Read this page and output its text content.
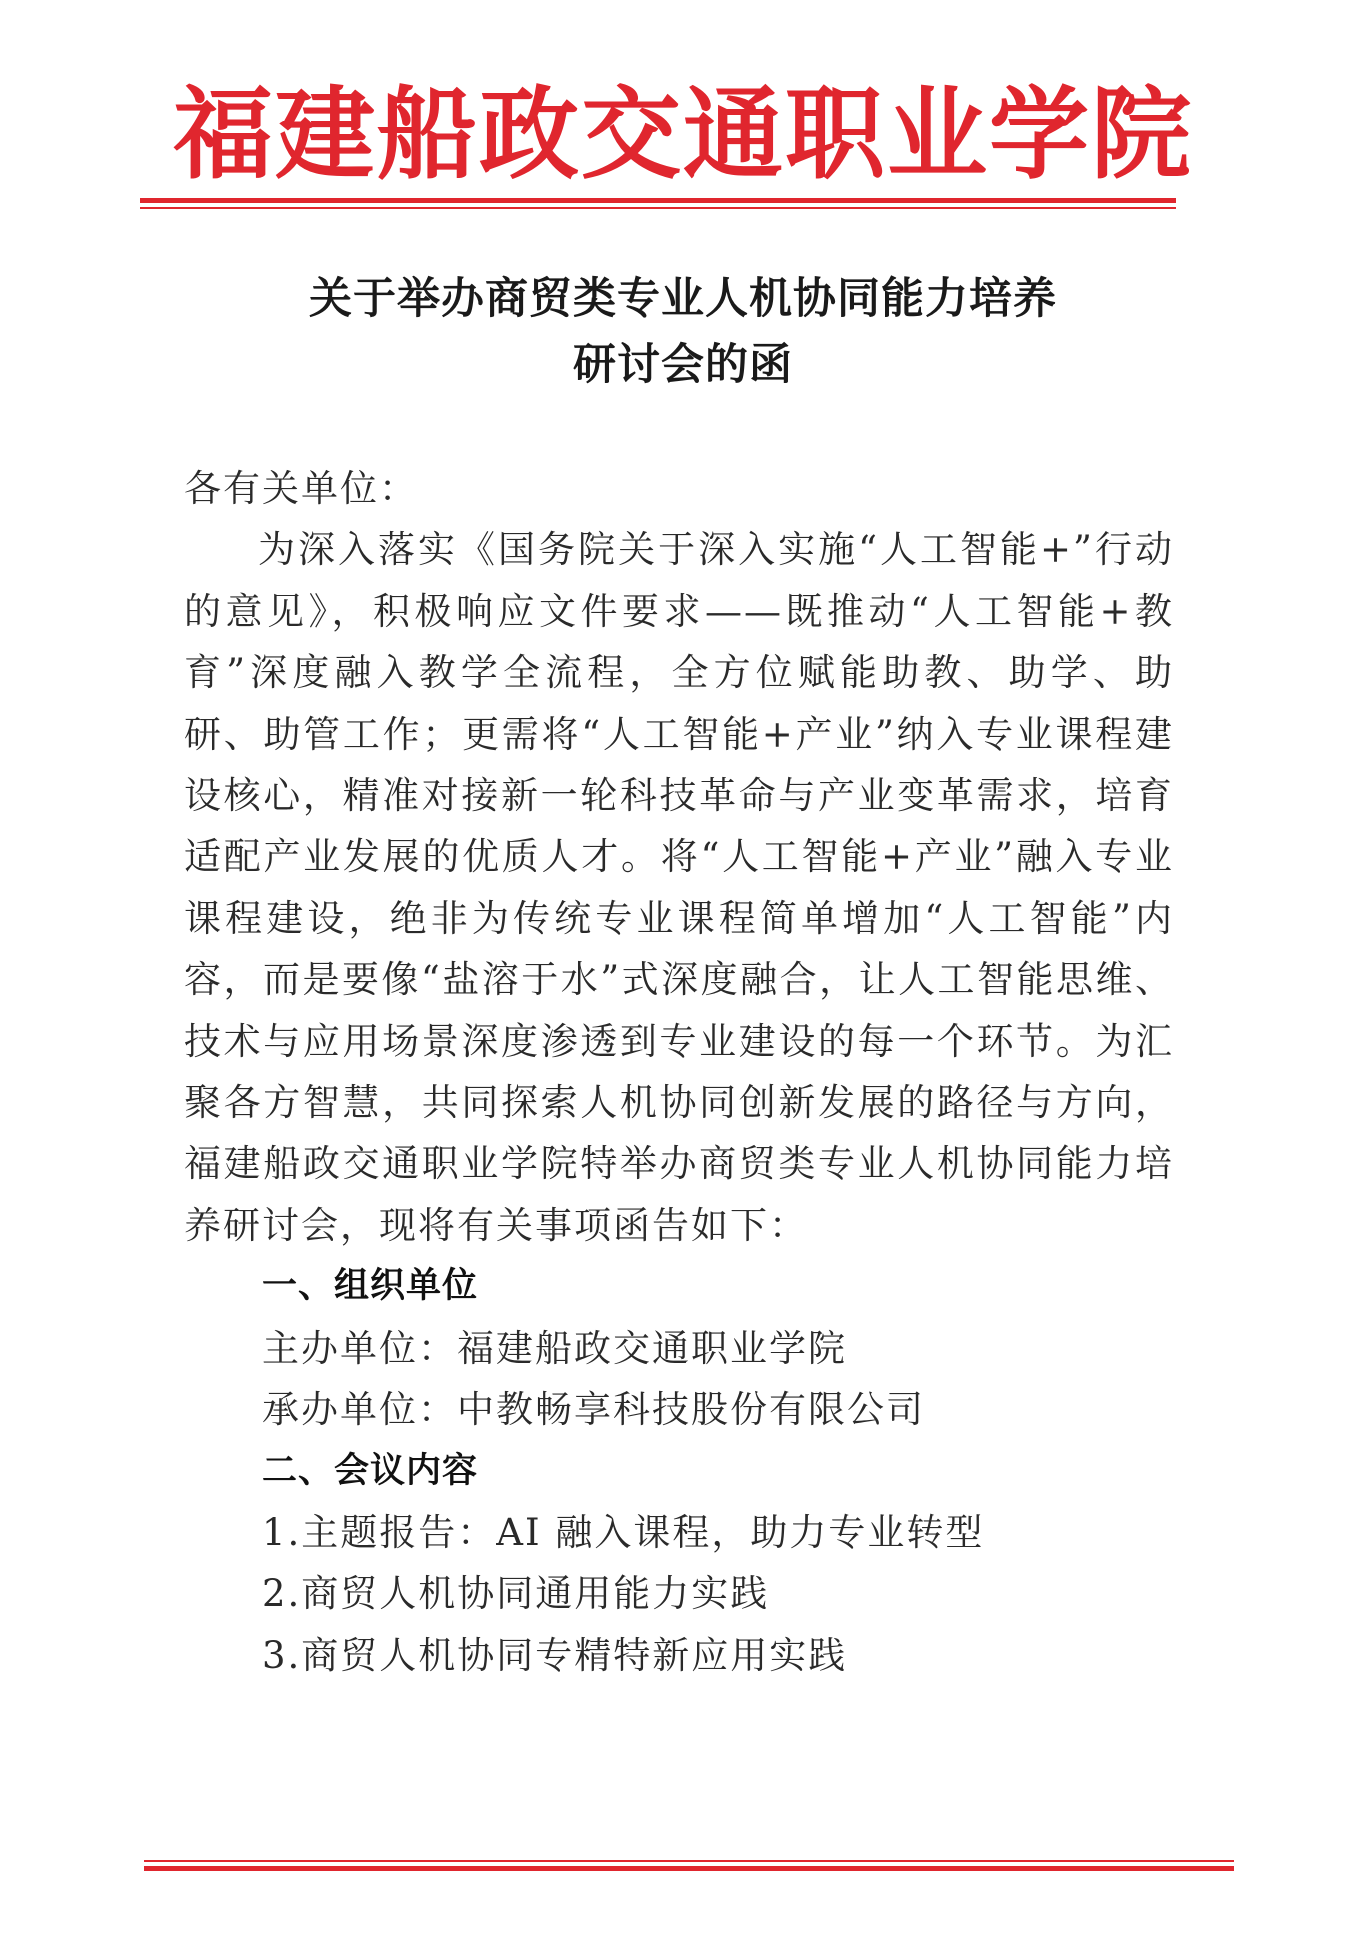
福建船政交通职业学院
关于举办商贸类专业人机协同能力培养
研讨会的函

各有关单位：

为深入落实《国务院关于深入实施“人工智能+”行动的意见》，积极响应文件要求——既推动“人工智能+教育”深度融入教学全流程，全方位赋能助教、助学、助研、助管工作；更需将“人工智能+产业”纳入专业课程建设核心，精准对接新一轮科技革命与产业变革需求，培育适配产业发展的优质人才。将“人工智能+产业”融入专业课程建设，绝非为传统专业课程简单增加“人工智能”内容，而是要像“盐溶于水”式深度融合，让人工智能思维、技术与应用场景深度渗透到专业建设的每一个环节。为汇聚各方智慧，共同探索人机协同创新发展的路径与方向，福建船政交通职业学院特举办商贸类专业人机协同能力培养研讨会，现将有关事项函告如下：

一、组织单位

主办单位：福建船政交通职业学院

承办单位：中教畅享科技股份有限公司

二、会议内容

1.主题报告：AI 融入课程，助力专业转型

2.商贸人机协同通用能力实践

3.商贸人机协同专精特新应用实践
